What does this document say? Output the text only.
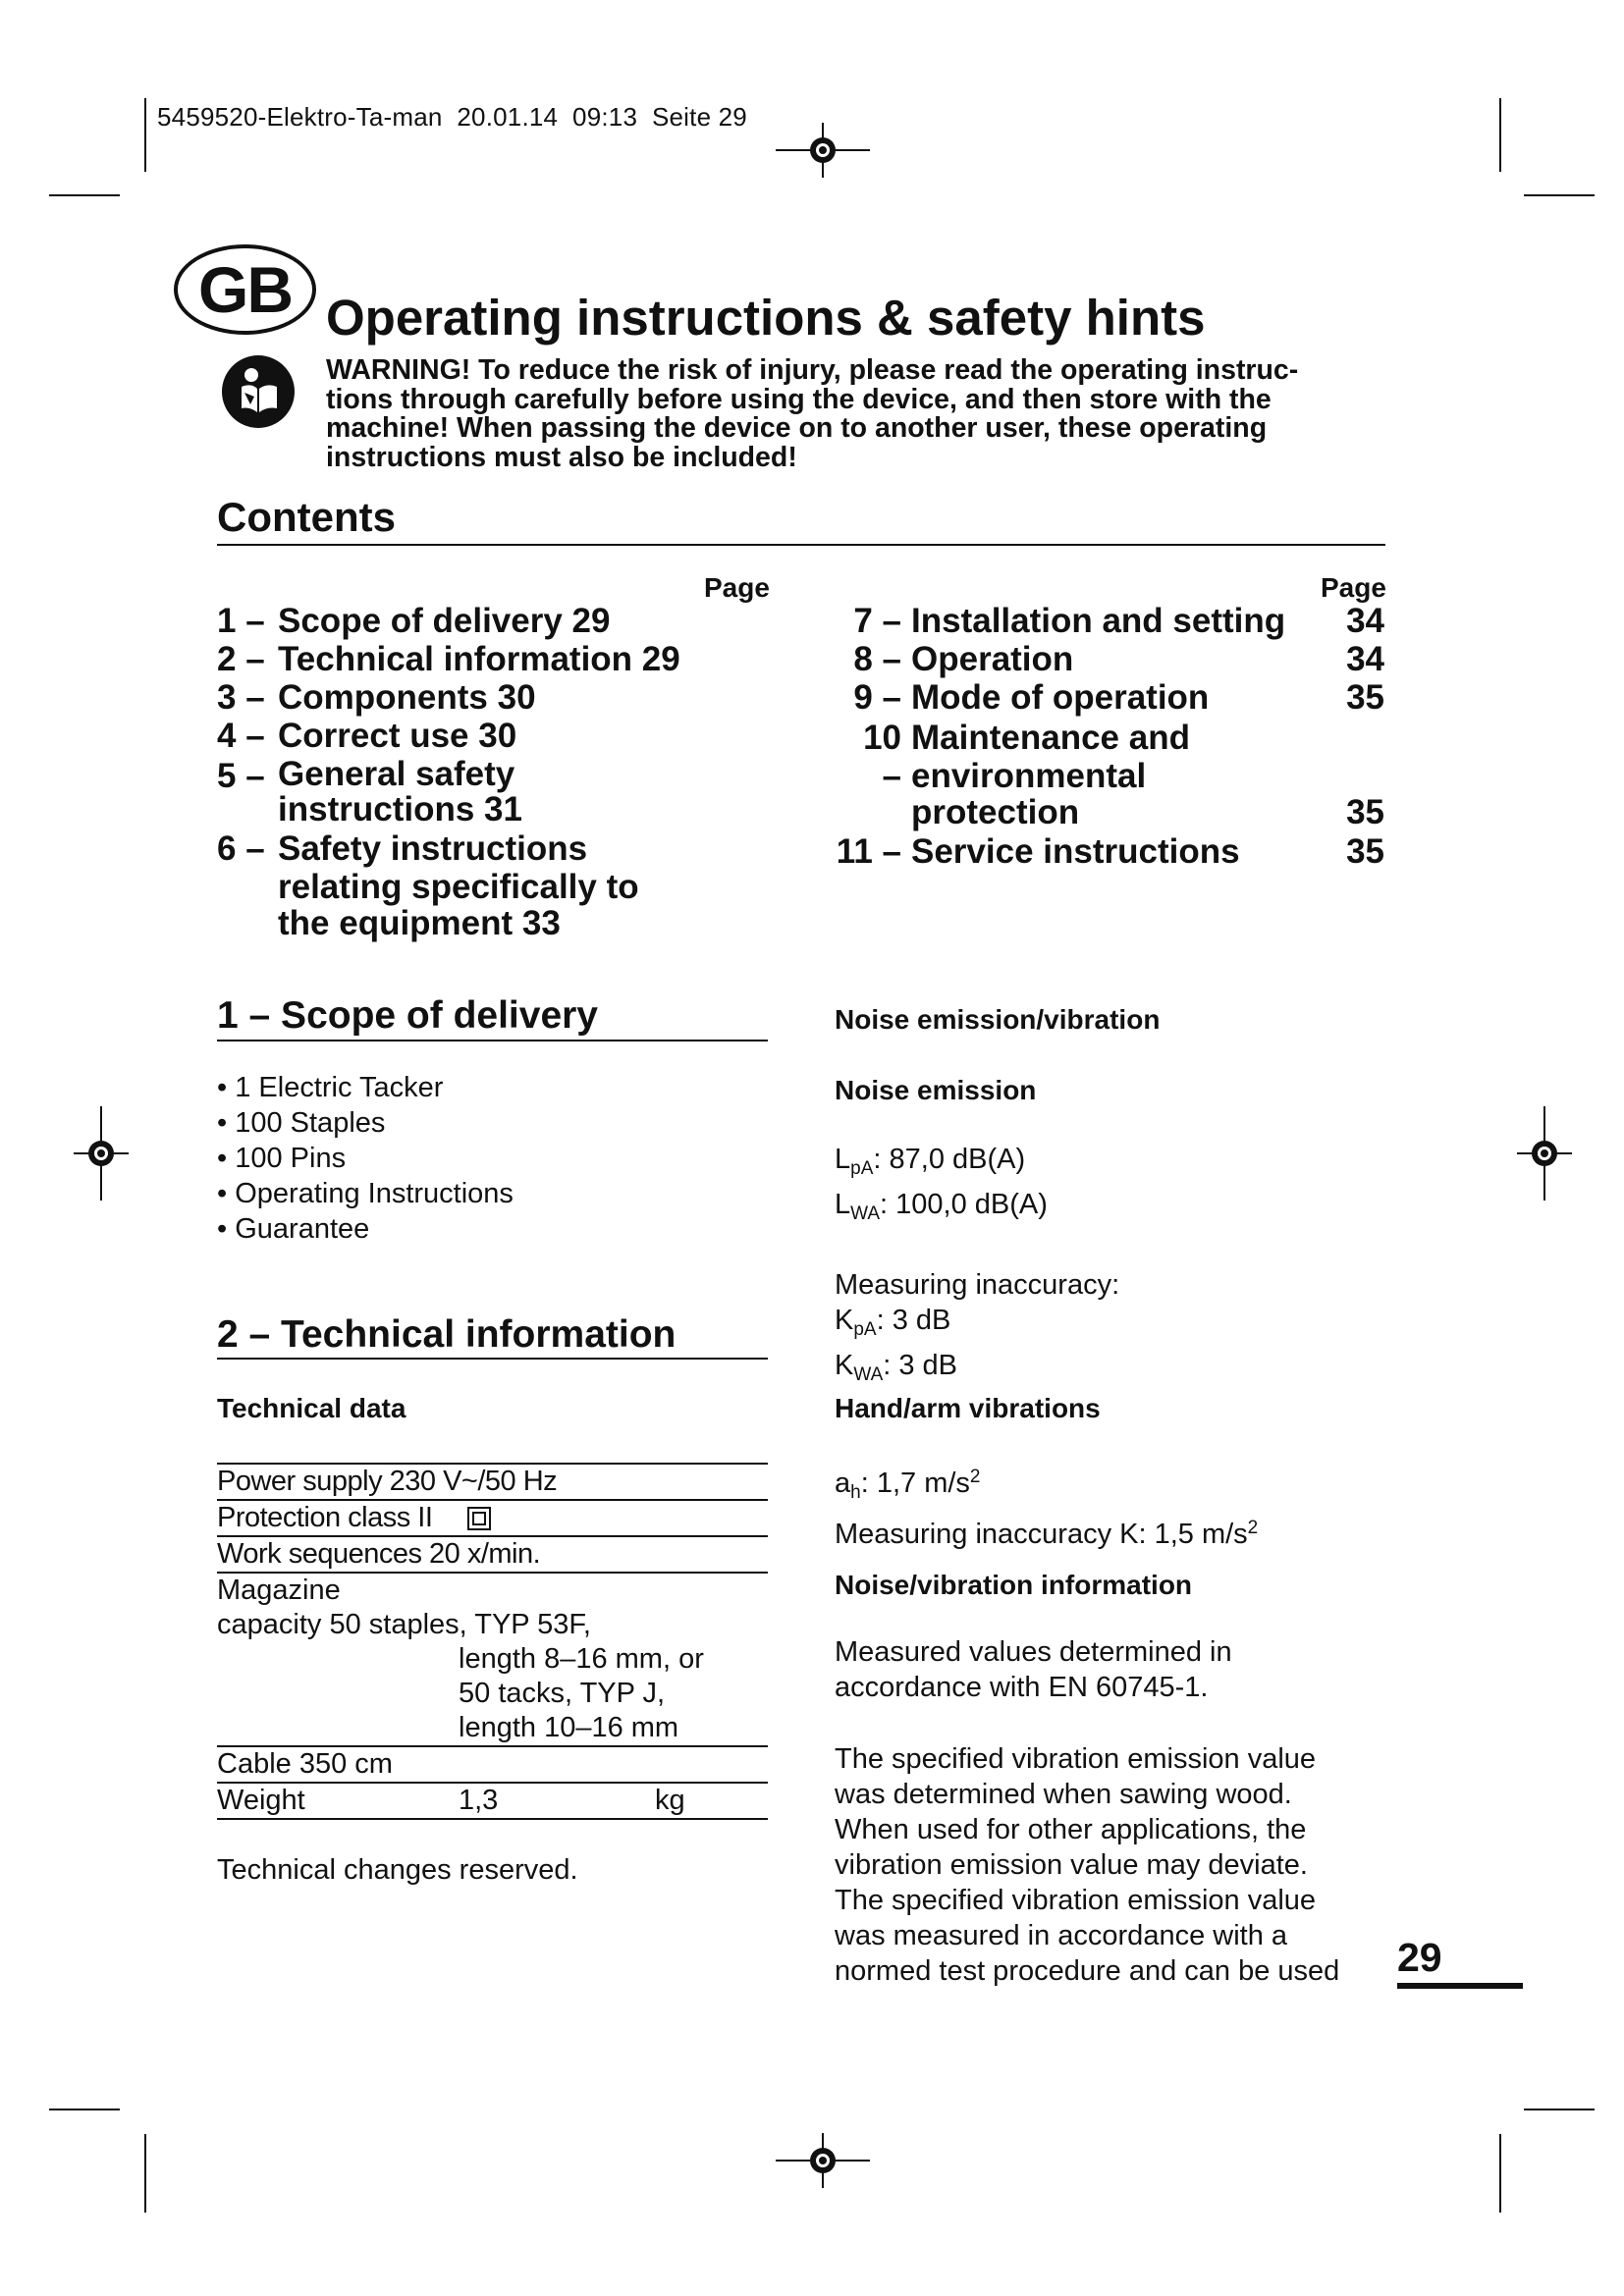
5459520-Elektro-Ta-man  20.01.14  09:13  Seite 29
GB Operating instructions & safety hints
WARNING! To reduce the risk of injury, please read the operating instruc-
tions through carefully before using the device, and then store with the
machine! When passing the device on to another user, these operating
instructions must also be included!
Contents
Page	Page
1 – Scope of delivery 29
2 – Technical information 29
3 – Components 30
4 – Correct use 30
5 – General safety
instructions 31
6 – Safety instructions
relating specifically to
the equipment 33
7 – Installation and setting	34
8 – Operation	34
9 – Mode of operation	35
10 –
Maintenance and
environmental
protection	35
11 – Service instructions	35
1 – Scope of delivery
• 1 Electric Tacker
• 100 Staples
• 100 Pins
• Operating Instructions
• Guarantee
2 – Technical information
Technical data
Power supply 230 V~/50 Hz		
Protection class II		
Work sequences 20 x/min.		
Magazine		
capacity 50 staples, TYP 53F,		
	length 8–16 mm, or	
	50 tacks, TYP J,	
	length 10–16 mm	
Cable 350 cm		
Weight	1,3	kg
Technical changes reserved.
Noise emission/vibration
Noise emission
$L_{pA}$: 87,0 dB(A)
$L_{WA}$: 100,0 dB(A)
Measuring inaccuracy:
$K_{pA}$: 3 dB
$K_{WA}$: 3 dB
Hand/arm vibrations
$a_h$: 1,7 $m/s^2$
Measuring inaccuracy K: 1,5 $m/s^2$
Noise/vibration information
Measured values determined in
accordance with EN 60745-1.
The specified vibration emission value
was determined when sawing wood.
When used for other applications, the
vibration emission value may deviate.
The specified vibration emission value
was measured in accordance with a
normed test procedure and can be used 29
